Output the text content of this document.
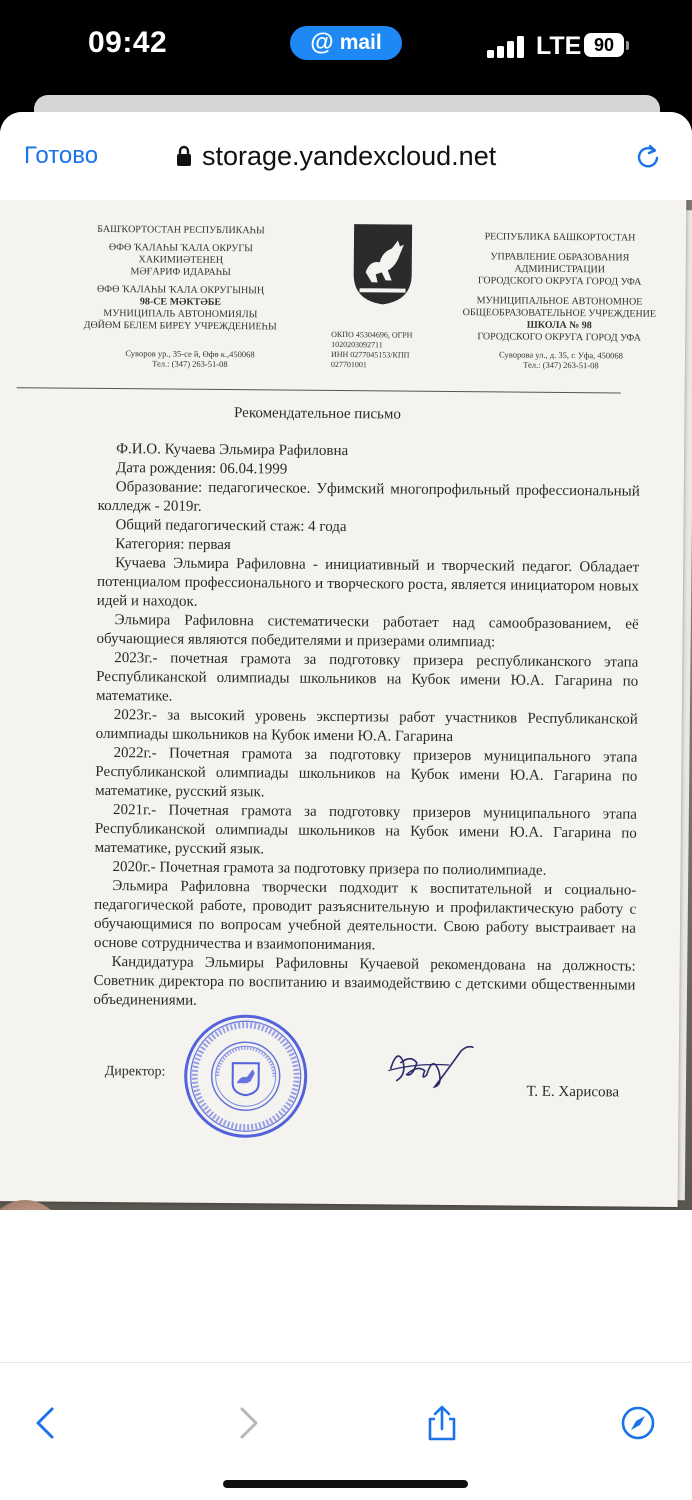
09:42	@ mail	LTE 90
Готово	storage.yandexcloud.net
БАШҠОРТОСТАН РЕСПУБЛИКАҺЫ
ӨФӨ ҠАЛАҺЫ ҠАЛА ОКРУГЫ
ХАКИМИӘТЕНЕҢ
МӘҒАРИФ ИДАРАҺЫ
ӨФӨ ҠАЛАҺЫ ҠАЛА ОКРУГЫНЫҢ
98-СЕ МӘКТӘБЕ
МУНИЦИПАЛЬ АВТОНОМИЯЛЫ
ДӨЙӨМ БЕЛЕМ БИРЕҮ УЧРЕЖДЕНИЕҺЫ
ОКПО 45304696, ОГРН
1020203092711
ИНН 0277045153/КПП
027701001
РЕСПУБЛИКА БАШКОРТОСТАН
УПРАВЛЕНИЕ ОБРАЗОВАНИЯ
АДМИНИСТРАЦИИ
ГОРОДСКОГО ОКРУГА ГОРОД УФА
МУНИЦИПАЛЬНОЕ АВТОНОМНОЕ
ОБЩЕОБРАЗОВАТЕЛЬНОЕ УЧРЕЖДЕНИЕ
ШКОЛА № 98
ГОРОДСКОГО ОКРУГА ГОРОД УФА
Суворов ур., 35-се й, Өфө к.,450068
Тел.: (347) 263-51-08
Суворова ул., д. 35, г. Уфа, 450068
Тел.: (347) 263-51-08
Рекомендательное письмо

Ф.И.О. Кучаева Эльмира Рафиловна

Дата рождения: 06.04.1999

Образование: педагогическое. Уфимский многопрофильный профессиональный колледж - 2019г.

Общий педагогический стаж: 4 года

Категория: первая

Кучаева Эльмира Рафиловна - инициативный и творческий педагог. Обладает потенциалом профессионального и творческого роста, является инициатором новых идей и находок.

Эльмира Рафиловна систематически работает над самообразованием, её обучающиеся являются победителями и призерами олимпиад:

2023г.- почетная грамота за подготовку призера республиканского этапа Республиканской олимпиады школьников на Кубок имени Ю.А. Гагарина по математике.

2023г.- за высокий уровень экспертизы работ участников Республиканской олимпиады школьников на Кубок имени Ю.А. Гагарина

2022г.- Почетная грамота за подготовку призеров муниципального этапа Республиканской олимпиады школьников на Кубок имени Ю.А. Гагарина по математике, русский язык.

2021г.- Почетная грамота за подготовку призеров муниципального этапа Республиканской олимпиады школьников на Кубок имени Ю.А. Гагарина по математике, русский язык.

2020г.- Почетная грамота за подготовку призера по полиолимпиаде.

Эльмира Рафиловна творчески подходит к воспитательной и социально-педагогической работе, проводит разъяснительную и профилактическую работу с обучающимися по вопросам учебной деятельности. Свою работу выстраивает на основе сотрудничества и взаимопонимания.

Кандидатура Эльмиры Рафиловны Кучаевой рекомендована на должность: Советник директора по воспитанию и взаимодействию с детскими общественными объединениями.

Директор:
Т. Е. Харисова
